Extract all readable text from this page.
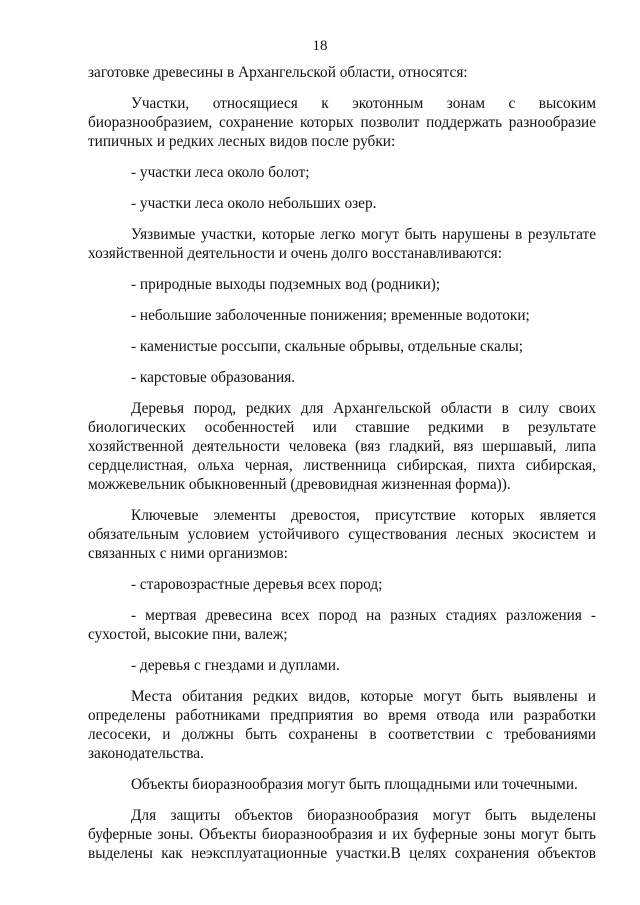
18

заготовке древесины в Архангельской области, относятся:

Участки, относящиеся к экотонным зонам с высоким биоразнообразием, сохранение которых позволит поддержать разнообразие типичных и редких лесных видов после рубки:

- участки леса около болот;

- участки леса около небольших озер.

Уязвимые участки, которые легко могут быть нарушены в результате хозяйственной деятельности и очень долго восстанавливаются:

- природные выходы подземных вод (родники);

- небольшие заболоченные понижения; временные водотоки;

- каменистые россыпи, скальные обрывы, отдельные скалы;

- карстовые образования.

Деревья пород, редких для Архангельской области в силу своих биологических особенностей или ставшие редкими в результате хозяйственной деятельности человека (вяз гладкий, вяз шершавый, липа сердцелистная, ольха черная, лиственница сибирская, пихта сибирская, можжевельник обыкновенный (древовидная жизненная форма)).

Ключевые элементы древостоя, присутствие которых является обязательным условием устойчивого существования лесных экосистем и связанных с ними организмов:

- старовозрастные деревья всех пород;

- мертвая древесина всех пород на разных стадиях разложения - сухостой, высокие пни, валеж;

- деревья с гнездами и дуплами.

Места обитания редких видов, которые могут быть выявлены и определены работниками предприятия во время отвода или разработки лесосеки, и должны быть сохранены в соответствии с требованиями законодательства.

Объекты биоразнообразия могут быть площадными или точечными.

Для защиты объектов биоразнообразия могут быть выделены буферные зоны. Объекты биоразнообразия и их буферные зоны могут быть выделены как неэксплуатационные участки.В целях сохранения объектов
